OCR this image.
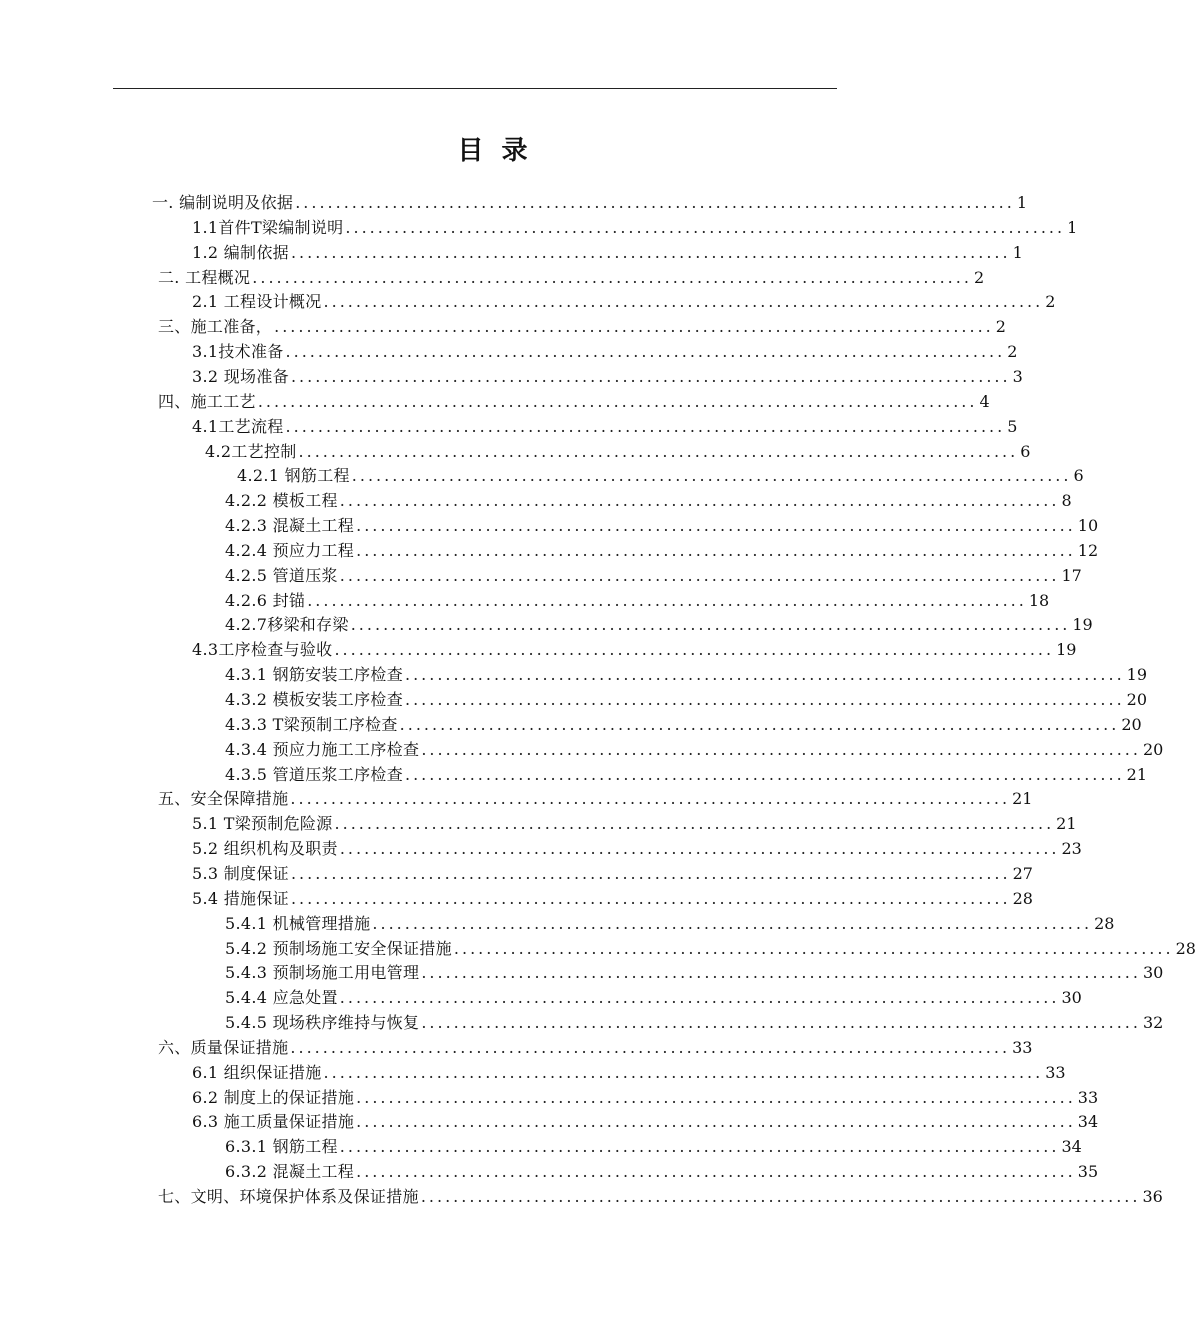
目录
一. 编制说明及依据 ......................................................................................... 1
1.1首件T梁编制说明 ......................................................................................... 1
1.2 编制依据 ......................................................................................... 1
二. 工程概况 ......................................................................................... 2
2.1 工程设计概况 ......................................................................................... 2
三、施工准备， ......................................................................................... 2
3.1技术准备 ......................................................................................... 2
3.2 现场准备 ......................................................................................... 3
四、施工工艺 ......................................................................................... 4
4.1工艺流程 ......................................................................................... 5
4.2工艺控制 ......................................................................................... 6
4.2.1 钢筋工程 ......................................................................................... 6
4.2.2 模板工程 ......................................................................................... 8
4.2.3 混凝土工程 ......................................................................................... 10
4.2.4 预应力工程 ......................................................................................... 12
4.2.5 管道压浆 ......................................................................................... 17
4.2.6 封锚 ......................................................................................... 18
4.2.7移梁和存梁 ......................................................................................... 19
4.3工序检查与验收 ......................................................................................... 19
4.3.1 钢筋安装工序检查 ......................................................................................... 19
4.3.2 模板安装工序检查 ......................................................................................... 20
4.3.3 T梁预制工序检查 ......................................................................................... 20
4.3.4 预应力施工工序检查 ......................................................................................... 20
4.3.5 管道压浆工序检查 ......................................................................................... 21
五、安全保障措施 ......................................................................................... 21
5.1 T梁预制危险源 ......................................................................................... 21
5.2 组织机构及职责 ......................................................................................... 23
5.3 制度保证 ......................................................................................... 27
5.4 措施保证 ......................................................................................... 28
5.4.1 机械管理措施 ......................................................................................... 28
5.4.2 预制场施工安全保证措施 ......................................................................................... 28
5.4.3 预制场施工用电管理 ......................................................................................... 30
5.4.4 应急处置 ......................................................................................... 30
5.4.5 现场秩序维持与恢复 ......................................................................................... 32
六、质量保证措施 ......................................................................................... 33
6.1 组织保证措施 ......................................................................................... 33
6.2 制度上的保证措施 ......................................................................................... 33
6.3 施工质量保证措施 ......................................................................................... 34
6.3.1 钢筋工程 ......................................................................................... 34
6.3.2 混凝土工程 ......................................................................................... 35
七、文明、环境保护体系及保证措施 ......................................................................................... 36
